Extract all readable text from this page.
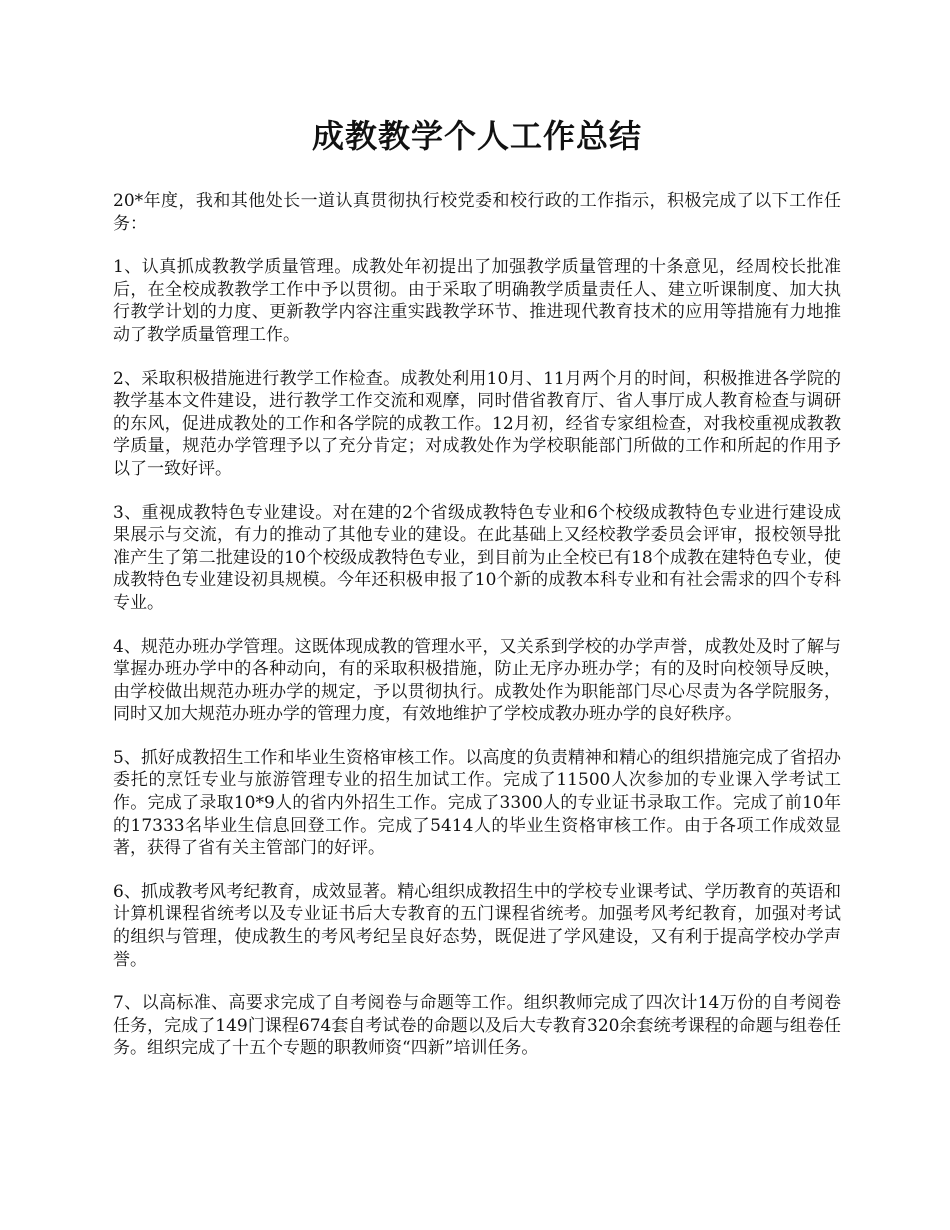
成教教学个人工作总结

20*年度，我和其他处长一道认真贯彻执行校党委和校行政的工作指示，积极完成了以下工作任务：

1、认真抓成教教学质量管理。成教处年初提出了加强教学质量管理的十条意见，经周校长批准后，在全校成教教学工作中予以贯彻。由于采取了明确教学质量责任人、建立听课制度、加大执行教学计划的力度、更新教学内容注重实践教学环节、推进现代教育技术的应用等措施有力地推动了教学质量管理工作。

2、采取积极措施进行教学工作检查。成教处利用10月、11月两个月的时间，积极推进各学院的教学基本文件建设，进行教学工作交流和观摩，同时借省教育厅、省人事厅成人教育检查与调研的东风，促进成教处的工作和各学院的成教工作。12月初，经省专家组检查，对我校重视成教教学质量，规范办学管理予以了充分肯定；对成教处作为学校职能部门所做的工作和所起的作用予以了一致好评。

3、重视成教特色专业建设。对在建的2个省级成教特色专业和6个校级成教特色专业进行建设成果展示与交流，有力的推动了其他专业的建设。在此基础上又经校教学委员会评审，报校领导批准产生了第二批建设的10个校级成教特色专业，到目前为止全校已有18个成教在建特色专业，使成教特色专业建设初具规模。今年还积极申报了10个新的成教本科专业和有社会需求的四个专科专业。

4、规范办班办学管理。这既体现成教的管理水平，又关系到学校的办学声誉，成教处及时了解与掌握办班办学中的各种动向，有的采取积极措施，防止无序办班办学；有的及时向校领导反映，由学校做出规范办班办学的规定，予以贯彻执行。成教处作为职能部门尽心尽责为各学院服务，同时又加大规范办班办学的管理力度，有效地维护了学校成教办班办学的良好秩序。

5、抓好成教招生工作和毕业生资格审核工作。以高度的负责精神和精心的组织措施完成了省招办委托的烹饪专业与旅游管理专业的招生加试工作。完成了11500人次参加的专业课入学考试工作。完成了录取10*9人的省内外招生工作。完成了3300人的专业证书录取工作。完成了前10年的17333名毕业生信息回登工作。完成了5414人的毕业生资格审核工作。由于各项工作成效显著，获得了省有关主管部门的好评。

6、抓成教考风考纪教育，成效显著。精心组织成教招生中的学校专业课考试、学历教育的英语和计算机课程省统考以及专业证书后大专教育的五门课程省统考。加强考风考纪教育，加强对考试的组织与管理，使成教生的考风考纪呈良好态势，既促进了学风建设，又有利于提高学校办学声誉。

7、以高标准、高要求完成了自考阅卷与命题等工作。组织教师完成了四次计14万份的自考阅卷任务，完成了149门课程674套自考试卷的命题以及后大专教育320余套统考课程的命题与组卷任务。组织完成了十五个专题的职教师资“四新”培训任务。
